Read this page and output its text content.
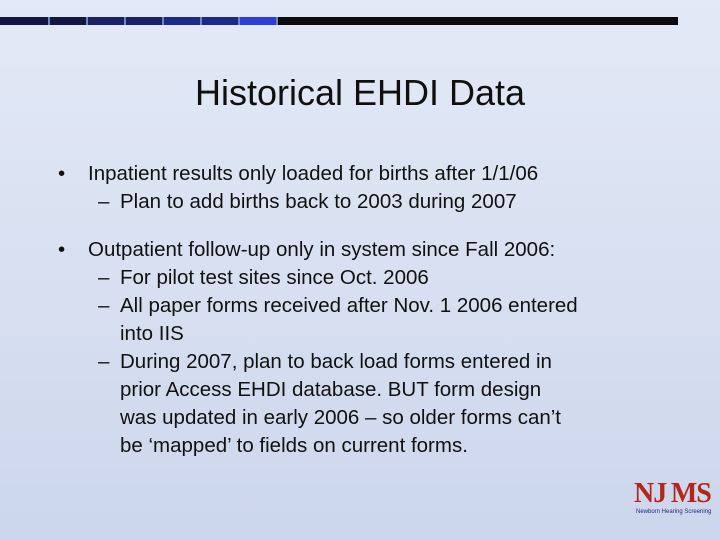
Historical EHDI Data
•	Inpatient results only loaded for births after 1/1/06
– Plan to add births back to 2003 during 2007
•	Outpatient follow-up only in system since Fall 2006:
– For pilot test sites since Oct. 2006
– All paper forms received after Nov. 1 2006 entered
into IIS
– During 2007, plan to back load forms entered in
prior Access EHDI database. BUT form design
was updated in early 2006 – so older forms can’t
be ‘mapped’ to fields on current forms.
NJ MS
Newborn Hearing Screening
